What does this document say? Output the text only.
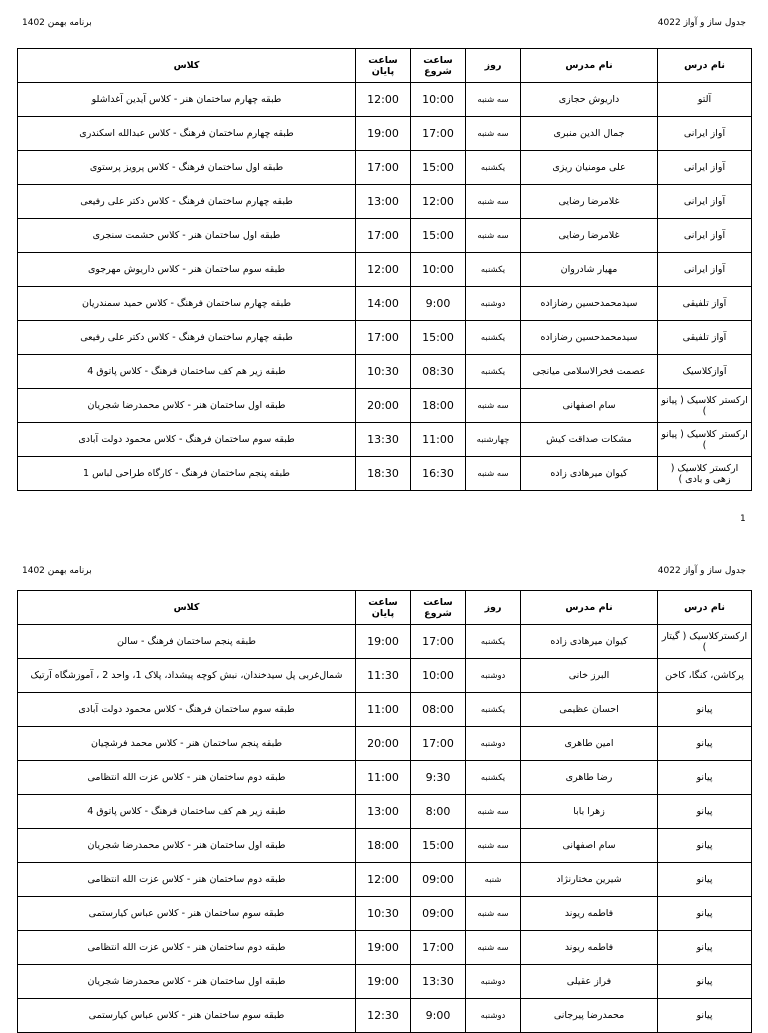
جدول ساز و آواز 4022
برنامه بهمن 1402
نام درس	نام مدرس	روز	ساعت شروع	ساعت پایان	کلاس
آلتو	داریوش حجازی	سه شنبه	10:00	12:00	طبقه چهارم ساختمان هنر - کلاس آیدین آغداشلو
آواز ایرانی	جمال الدین منبری	سه شنبه	17:00	19:00	طبقه چهارم ساختمان فرهنگ - کلاس عبدالله اسکندری
آواز ایرانی	علی مومنیان ریزی	یکشنبه	15:00	17:00	طبقه اول ساختمان فرهنگ - کلاس پرویز پرستوی
آواز ایرانی	غلامرضا رضایی	سه شنبه	12:00	13:00	طبقه چهارم ساختمان فرهنگ - کلاس دکتر علی رفیعی
آواز ایرانی	غلامرضا رضایی	سه شنبه	15:00	17:00	طبقه اول ساختمان هنر - کلاس حشمت سنجری
آواز ایرانی	مهیار شادروان	یکشنبه	10:00	12:00	طبقه سوم ساختمان هنر - کلاس داریوش مهرجوی
آواز تلفیقی	سیدمحمدحسین رضازاده	دوشنبه	9:00	14:00	طبقه چهارم ساختمان فرهنگ - کلاس حمید سمندریان
آواز تلفیقی	سیدمحمدحسین رضازاده	یکشنبه	15:00	17:00	طبقه چهارم ساختمان فرهنگ - کلاس دکتر علی رفیعی
آوازکلاسیک	عصمت فخرالاسلامی میانجی	یکشنبه	08:30	10:30	طبقه زیر هم کف ساختمان فرهنگ - کلاس پاتوق 4
ارکستر کلاسیک ( پیانو )	سام اصفهانی	سه شنبه	18:00	20:00	طبقه اول ساختمان هنر - کلاس محمدرضا شجریان
ارکستر کلاسیک ( پیانو )	مشکات صداقت کیش	چهارشنبه	11:00	13:30	طبقه سوم ساختمان فرهنگ - کلاس محمود دولت آبادی
ارکستر کلاسیک ( زهی و بادی )	کیوان میرهادی زاده	سه شنبه	16:30	18:30	طبقه پنجم ساختمان فرهنگ - کارگاه طراحی لباس 1
1
جدول ساز و آواز 4022
برنامه بهمن 1402
نام درس	نام مدرس	روز	ساعت شروع	ساعت پایان	کلاس
ارکسترکلاسیک ( گیتار )	کیوان میرهادی زاده	یکشنبه	17:00	19:00	طبقه پنجم ساختمان فرهنگ - سالن
پرکاشن، کنگا، کاخن	البرز خانی	دوشنبه	10:00	11:30	شمال‌غربی پل سیدخندان، نبش کوچه پیشداد، پلاک 1، واحد 2 ، آموزشگاه آرتیک
پیانو	احسان عظیمی	یکشنبه	08:00	11:00	طبقه سوم ساختمان فرهنگ - کلاس محمود دولت آبادی
پیانو	امین طاهری	دوشنبه	17:00	20:00	طبقه پنجم ساختمان هنر - کلاس محمد فرشچیان
پیانو	رضا طاهری	یکشنبه	9:30	11:00	طبقه دوم ساختمان هنر - کلاس عزت الله انتظامی
پیانو	زهرا بابا	سه شنبه	8:00	13:00	طبقه زیر هم کف ساختمان فرهنگ - کلاس پاتوق 4
پیانو	سام اصفهانی	سه شنبه	15:00	18:00	طبقه اول ساختمان هنر - کلاس محمدرضا شجریان
پیانو	شیرین مختارنژاد	شنبه	09:00	12:00	طبقه دوم ساختمان هنر - کلاس عزت الله انتظامی
پیانو	فاطمه ریوند	سه شنبه	09:00	10:30	طبقه سوم ساختمان هنر - کلاس عباس کیارستمی
پیانو	فاطمه ریوند	سه شنبه	17:00	19:00	طبقه دوم ساختمان هنر - کلاس عزت الله انتظامی
پیانو	فراز عقیلی	دوشنبه	13:30	19:00	طبقه اول ساختمان هنر - کلاس محمدرضا شجریان
پیانو	محمدرضا پیرجانی	دوشنبه	9:00	12:30	طبقه سوم ساختمان هنر - کلاس عباس کیارستمی
